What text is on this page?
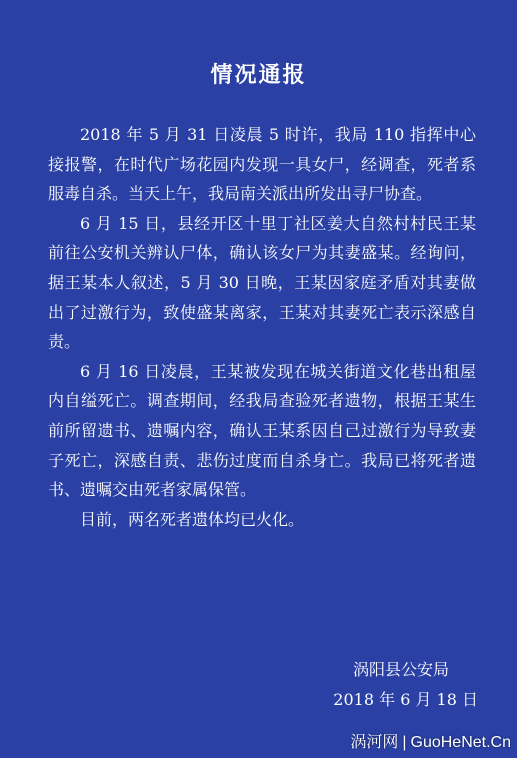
情况通报

2018 年 5 月 31 日凌晨 5 时许，我局 110 指挥中心接报警，在时代广场花园内发现一具女尸，经调查，死者系服毒自杀。当天上午，我局南关派出所发出寻尸协查。

6 月 15 日，县经开区十里丁社区姜大自然村村民王某前往公安机关辨认尸体，确认该女尸为其妻盛某。经询问，据王某本人叙述，5 月 30 日晚，王某因家庭矛盾对其妻做出了过激行为，致使盛某离家，王某对其妻死亡表示深感自责。

6 月 16 日凌晨，王某被发现在城关街道文化巷出租屋内自缢死亡。调查期间，经我局查验死者遗物，根据王某生前所留遗书、遗嘱内容，确认王某系因自己过激行为导致妻子死亡，深感自责、悲伤过度而自杀身亡。我局已将死者遗书、遗嘱交由死者家属保管。

目前，两名死者遗体均已火化。

涡阳县公安局
2018 年 6 月 18 日
涡河网 | GuoHeNet.Cn
